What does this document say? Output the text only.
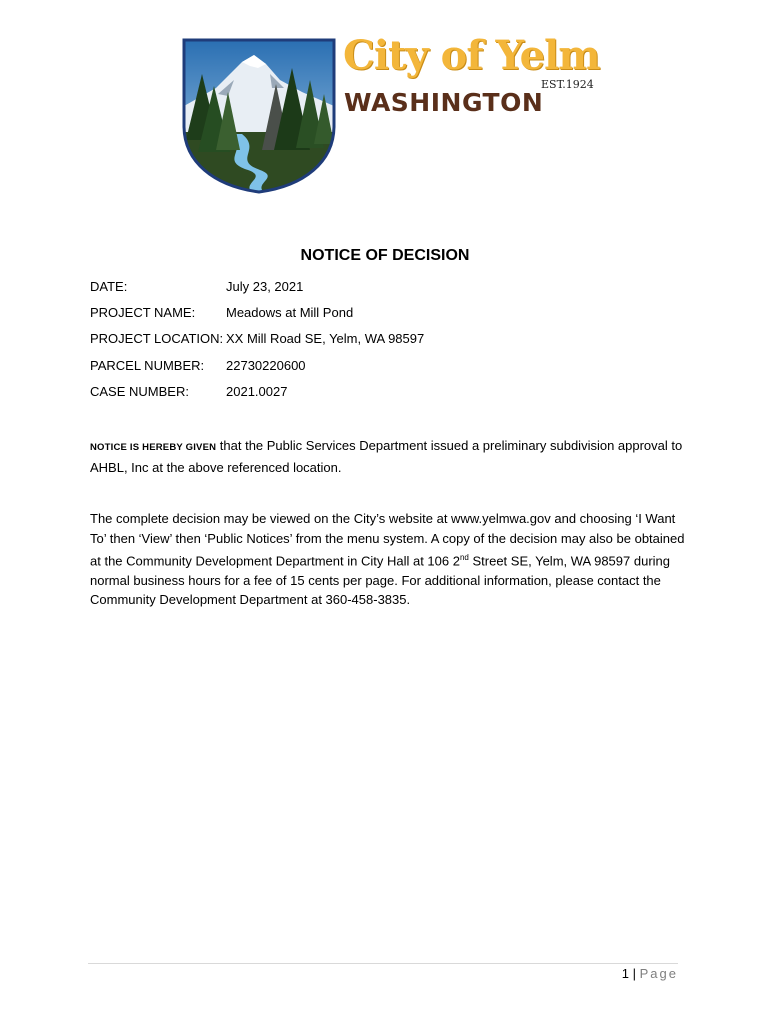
City of Yelm
EST.1924
WASHINGTON
NOTICE OF DECISION
DATE:	July 23, 2021
PROJECT NAME: Meadows at Mill Pond
PROJECT LOCATION: XX Mill Road SE, Yelm, WA 98597
PARCEL NUMBER: 22730220600
CASE NUMBER:	2021.0027

NOTICE IS HEREBY GIVEN that the Public Services Department issued a preliminary subdivision approval to AHBL, Inc at the above referenced location.

The complete decision may be viewed on the City’s website at www.yelmwa.gov and choosing ‘I Want To’ then ‘View’ then ‘Public Notices’ from the menu system. A copy of the decision may also be obtained at the Community Development Department in City Hall at 106 2nd Street SE, Yelm, WA 98597 during normal business hours for a fee of 15 cents per page. For additional information, please contact the Community Development Department at 360-458-3835.

1 | Page
